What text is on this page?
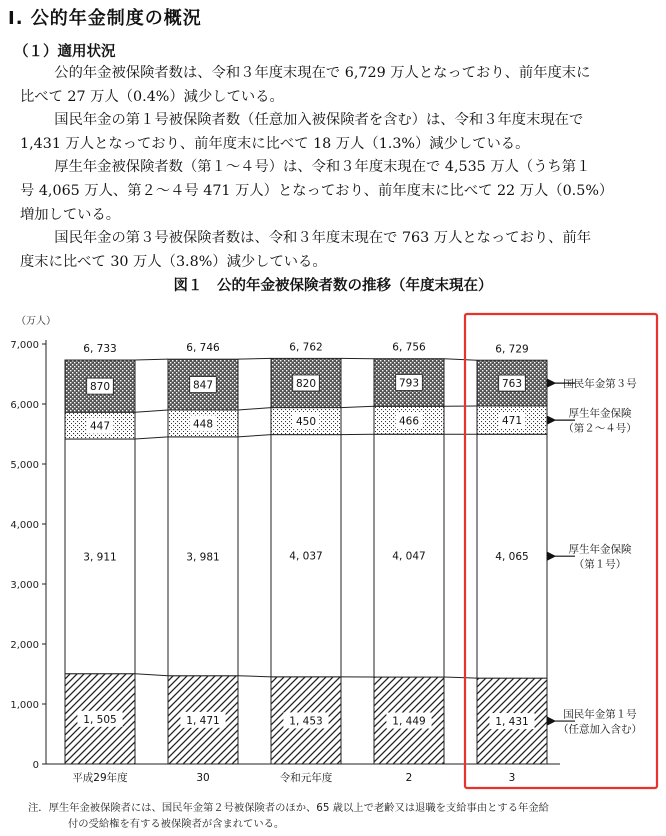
Ⅰ. 公的年金制度の概況
（１）適用状況
　公的年金被保険者数は、令和３年度末現在で 6,729 万人となっており、前年度末に
比べて 27 万人（0.4%）減少している。
　国民年金の第１号被保険者数（任意加入被保険者を含む）は、令和３年度末現在で
1,431 万人となっており、前年度末に比べて 18 万人（1.3%）減少している。
　厚生年金被保険者数（第１～４号）は、令和３年度末現在で 4,535 万人（うち第１
号 4,065 万人、第２～４号 471 万人）となっており、前年度末に比べて 22 万人（0.5%）
増加している。
　国民年金の第３号被保険者数は、令和３年度末現在で 763 万人となっており、前年
度末に比べて 30 万人（3.8%）減少している。
図１　公的年金被保険者数の推移（年度末現在）
（万人）
0
1,000
2,000
3,000
4,000
5,000
6,000
7,000
1, 505
3, 911
447
870
6, 733
平成29年度
1, 471
3, 981
448
847
6, 746
30
1, 453
4, 037
450
820
6, 762
令和元年度
1, 449
4, 047
466
793
6, 756
2
1, 431
4, 065
471
763
6, 729
3
国民年金第３号
厚生年金保険
（第２～４号）
厚生年金保険
（第１号）
国民年金第１号
（任意加入含む）
注．厚生年金被保険者には、国民年金第２号被保険者のほか、65 歳以上で老齢又は退職を支給事由とする年金給
付の受給権を有する被保険者が含まれている。
